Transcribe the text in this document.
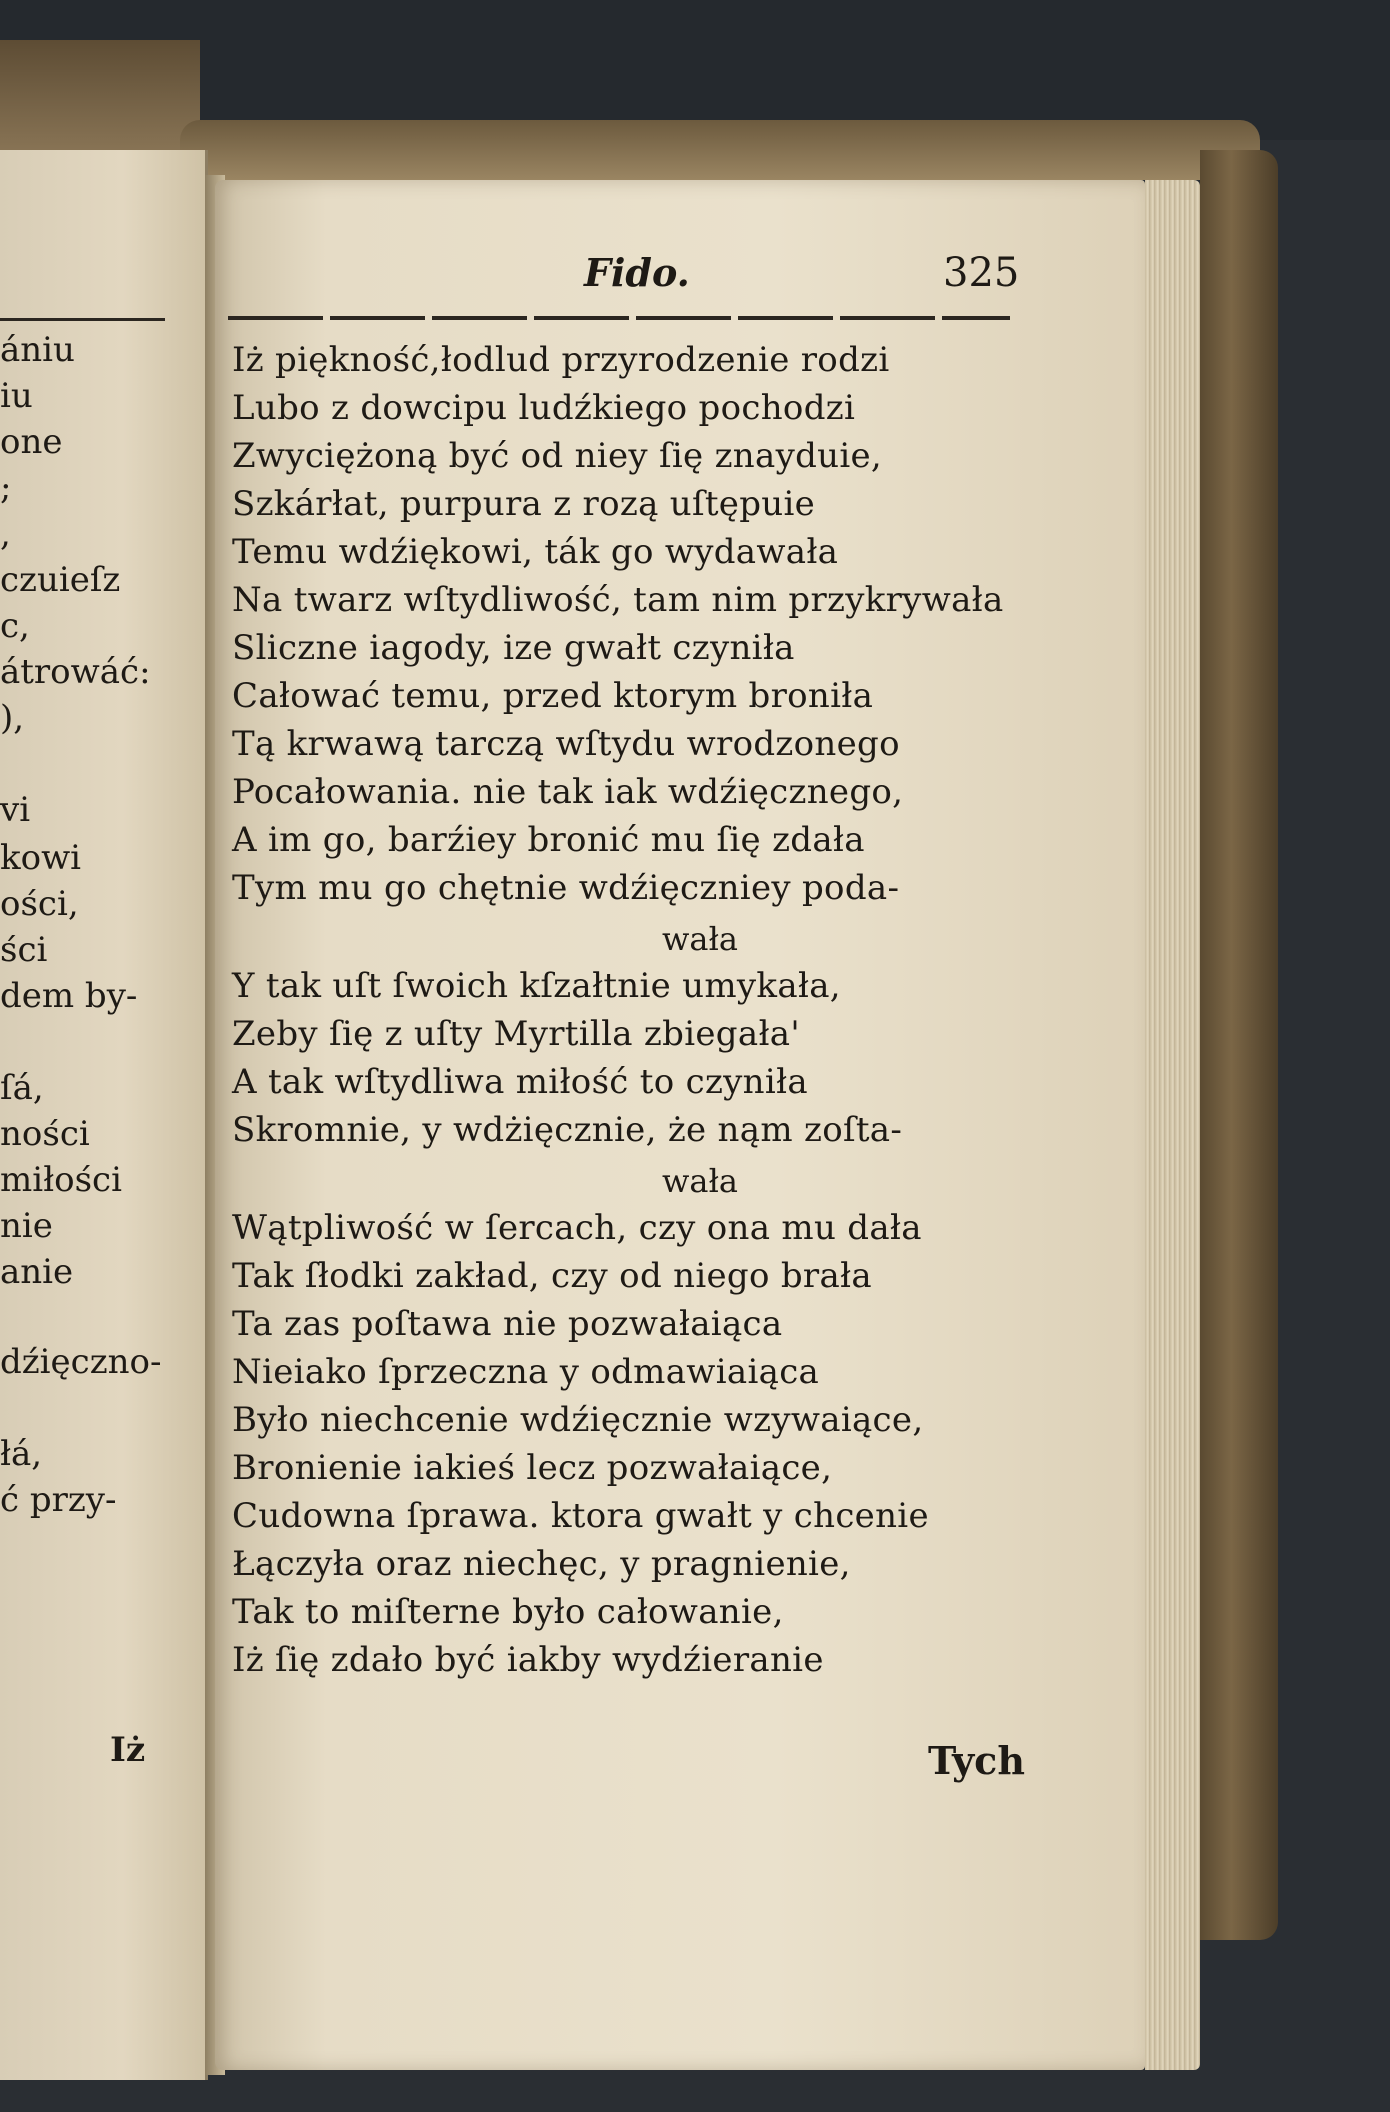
ániu
iu
one
;
,
czuieſz
c,
átrowáć:
),
vi
kowi
ości,
ści
dem by-
ſá,
ności
miłości
nie
anie
dźięczno-
łá,
ć przy-
Iż
Fido.	325
Iż piękność,łodlud przyrodzenie rodzi
Lubo z dowcipu ludźkiego pochodzi
Zwyciężoną być od niey ſię znayduie,
Szkárłat, purpura z rozą uſtępuie
Temu wdźiękowi, ták go wydawała
Na twarz wſtydliwość, tam nim przykrywała
Sliczne iagody, ize gwałt czyniła
Całować temu, przed ktorym broniła
Tą krwawą tarczą wſtydu wrodzonego
Pocałowania. nie tak iak wdźięcznego,
A im go, barźiey bronić mu ſię zdała
Tym mu go chętnie wdźięczniey poda-
wała
Y tak uſt ſwoich kſzałtnie umykała,
Zeby ſię z uſty Myrtilla zbiegała'
A tak wſtydliwa miłość to czyniła
Skromnie, y wdżięcznie, że nąm zoſta-
wała
Wątpliwość w ſercach, czy ona mu dała
Tak ſłodki zakład, czy od niego brała
Ta zas poſtawa nie pozwałaiąca
Nieiako ſprzeczna y odmawiaiąca
Było niechcenie wdźięcznie wzywaiące,
Bronienie iakieś lecz pozwałaiące,
Cudowna ſprawa. ktora gwałt y chcenie
Łączyła oraz niechęc, y pragnienie,
Tak to miſterne było całowanie,
Iż ſię zdało być iakby wydźieranie
Tych
